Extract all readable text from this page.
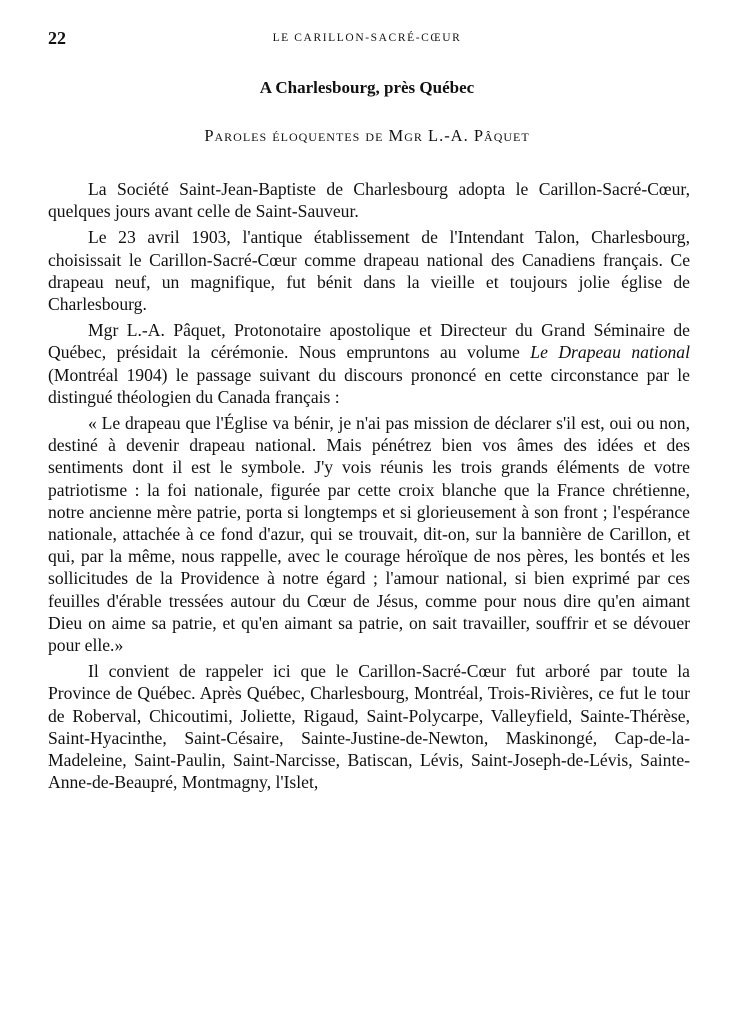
22	LE CARILLON-SACRÉ-CŒUR
A Charlesbourg, près Québec
Paroles éloquentes de Mgr L.-A. Pâquet

La Société Saint-Jean-Baptiste de Charlesbourg adopta le Carillon-Sacré-Cœur, quelques jours avant celle de Saint-Sauveur.

Le 23 avril 1903, l'antique établissement de l'Intendant Talon, Charlesbourg, choisissait le Carillon-Sacré-Cœur comme drapeau national des Canadiens français. Ce drapeau neuf, un magnifique, fut bénit dans la vieille et toujours jolie église de Charlesbourg.

Mgr L.-A. Pâquet, Protonotaire apostolique et Directeur du Grand Séminaire de Québec, présidait la cérémonie. Nous empruntons au volume Le Drapeau national (Montréal 1904) le passage suivant du discours prononcé en cette circonstance par le distingué théologien du Canada français :

« Le drapeau que l'Église va bénir, je n'ai pas mission de déclarer s'il est, oui ou non, destiné à devenir drapeau national. Mais pénétrez bien vos âmes des idées et des sentiments dont il est le symbole. J'y vois réunis les trois grands éléments de votre patriotisme : la foi nationale, figurée par cette croix blanche que la France chrétienne, notre ancienne mère patrie, porta si longtemps et si glorieusement à son front ; l'espérance nationale, attachée à ce fond d'azur, qui se trouvait, dit-on, sur la bannière de Carillon, et qui, par la même, nous rappelle, avec le courage héroïque de nos pères, les bontés et les sollicitudes de la Providence à notre égard ; l'amour national, si bien exprimé par ces feuilles d'érable tressées autour du Cœur de Jésus, comme pour nous dire qu'en aimant Dieu on aime sa patrie, et qu'en aimant sa patrie, on sait travailler, souffrir et se dévouer pour elle.»

Il convient de rappeler ici que le Carillon-Sacré-Cœur fut arboré par toute la Province de Québec. Après Québec, Charlesbourg, Montréal, Trois-Rivières, ce fut le tour de Roberval, Chicoutimi, Joliette, Rigaud, Saint-Polycarpe, Valleyfield, Sainte-Thérèse, Saint-Hyacinthe, Saint-Césaire, Sainte-Justine-de-Newton, Maskinongé, Cap-de-la-Madeleine, Saint-Paulin, Saint-Narcisse, Batiscan, Lévis, Saint-Joseph-de-Lévis, Sainte-Anne-de-Beaupré, Montmagny, l'Islet,
